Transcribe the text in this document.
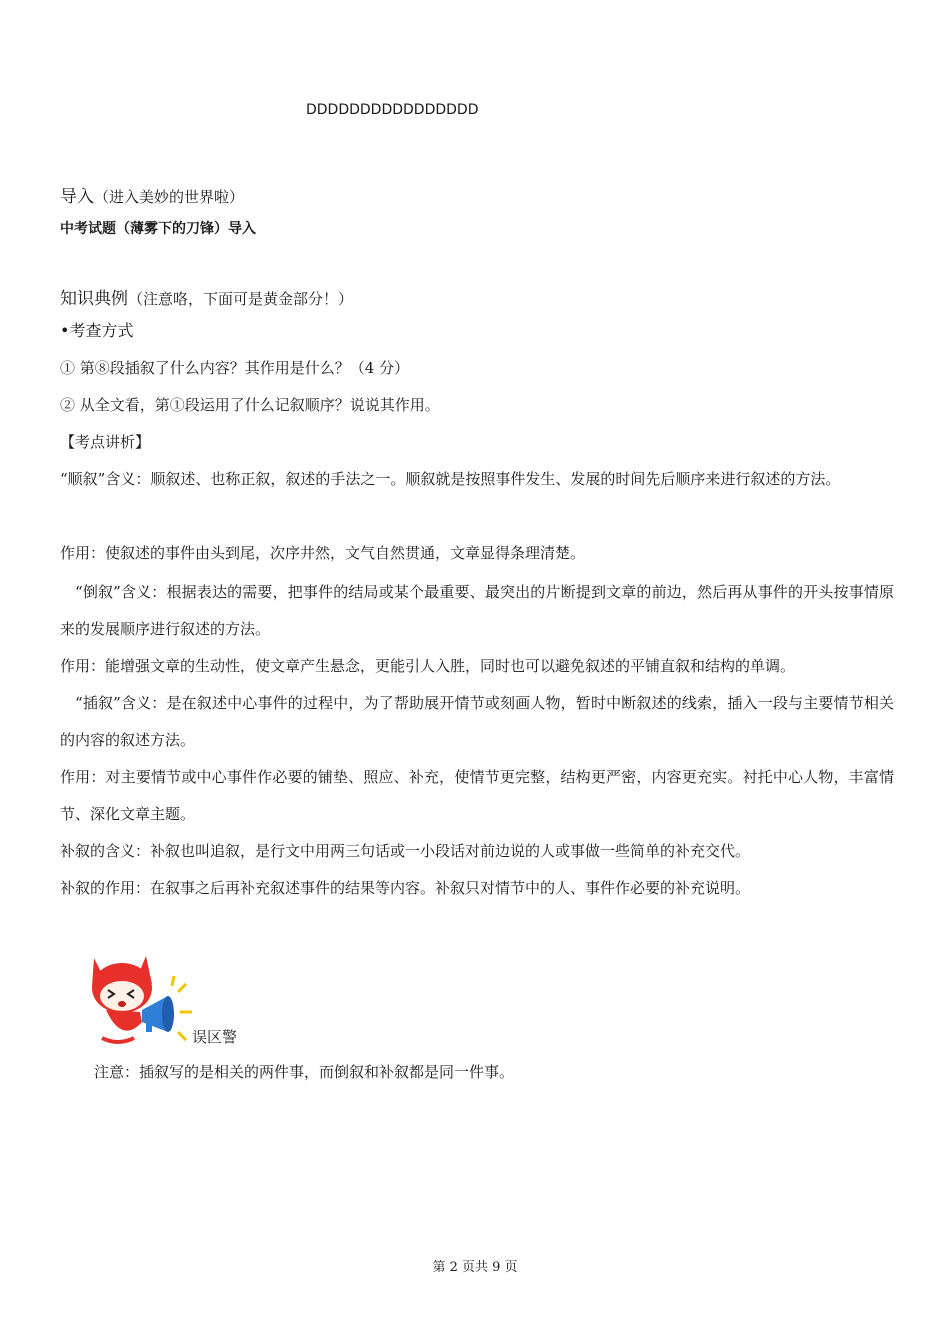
DDDDDDDDDDDDDDDD
导入（进入美妙的世界啦）
中考试题（薄雾下的刀锋）导入
知识典例（注意咯，下面可是黄金部分！）
•考查方式
① 第⑧段插叙了什么内容？其作用是什么？（4 分）
② 从全文看，第①段运用了什么记叙顺序？说说其作用。
【考点讲析】
“顺叙”含义：顺叙述、也称正叙，叙述的手法之一。顺叙就是按照事件发生、发展的时间先后顺序来进行叙述的方法。
作用：使叙述的事件由头到尾，次序井然，文气自然贯通，文章显得条理清楚。
“倒叙”含义：根据表达的需要，把事件的结局或某个最重要、最突出的片断提到文章的前边，然后再从事件的开头按事情原来的发展顺序进行叙述的方法。
作用：能增强文章的生动性，使文章产生悬念，更能引人入胜，同时也可以避免叙述的平铺直叙和结构的单调。
“插叙”含义：是在叙述中心事件的过程中，为了帮助展开情节或刻画人物，暂时中断叙述的线索，插入一段与主要情节相关的内容的叙述方法。
作用：对主要情节或中心事件作必要的铺垫、照应、补充，使情节更完整，结构更严密，内容更充实。衬托中心人物，丰富情节、深化文章主题。
补叙的含义：补叙也叫追叙，是行文中用两三句话或一小段话对前边说的人或事做一些简单的补充交代。
补叙的作用：在叙事之后再补充叙述事件的结果等内容。补叙只对情节中的人、事件作必要的补充说明。
误区警
注意：插叙写的是相关的两件事，而倒叙和补叙都是同一件事。
第 2 页共 9 页
